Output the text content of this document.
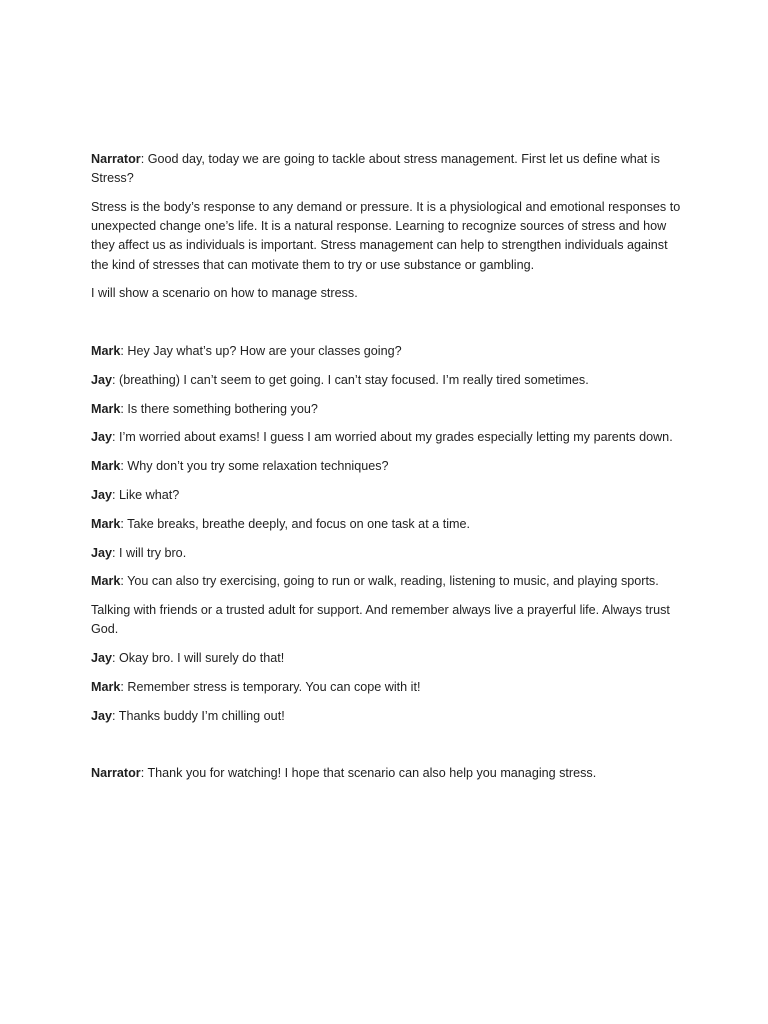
Narrator: Good day, today we are going to tackle about stress management. First let us define what is Stress?

Stress is the body’s response to any demand or pressure. It is a physiological and emotional responses to unexpected change one’s life. It is a natural response. Learning to recognize sources of stress and how they affect us as individuals is important. Stress management can help to strengthen individuals against the kind of stresses that can motivate them to try or use substance or gambling.

I will show a scenario on how to manage stress.

Mark: Hey Jay what’s up? How are your classes going?

Jay: (breathing) I can’t seem to get going. I can’t stay focused. I’m really tired sometimes.

Mark: Is there something bothering you?

Jay: I’m worried about exams! I guess I am worried about my grades especially letting my parents down.

Mark: Why don’t you try some relaxation techniques?

Jay: Like what?

Mark: Take breaks, breathe deeply, and focus on one task at a time.

Jay: I will try bro.

Mark: You can also try exercising, going to run or walk, reading, listening to music, and playing sports.

Talking with friends or a trusted adult for support. And remember always live a prayerful life. Always trust God.

Jay: Okay bro. I will surely do that!

Mark: Remember stress is temporary. You can cope with it!

Jay: Thanks buddy I’m chilling out!

Narrator: Thank you for watching! I hope that scenario can also help you managing stress.
